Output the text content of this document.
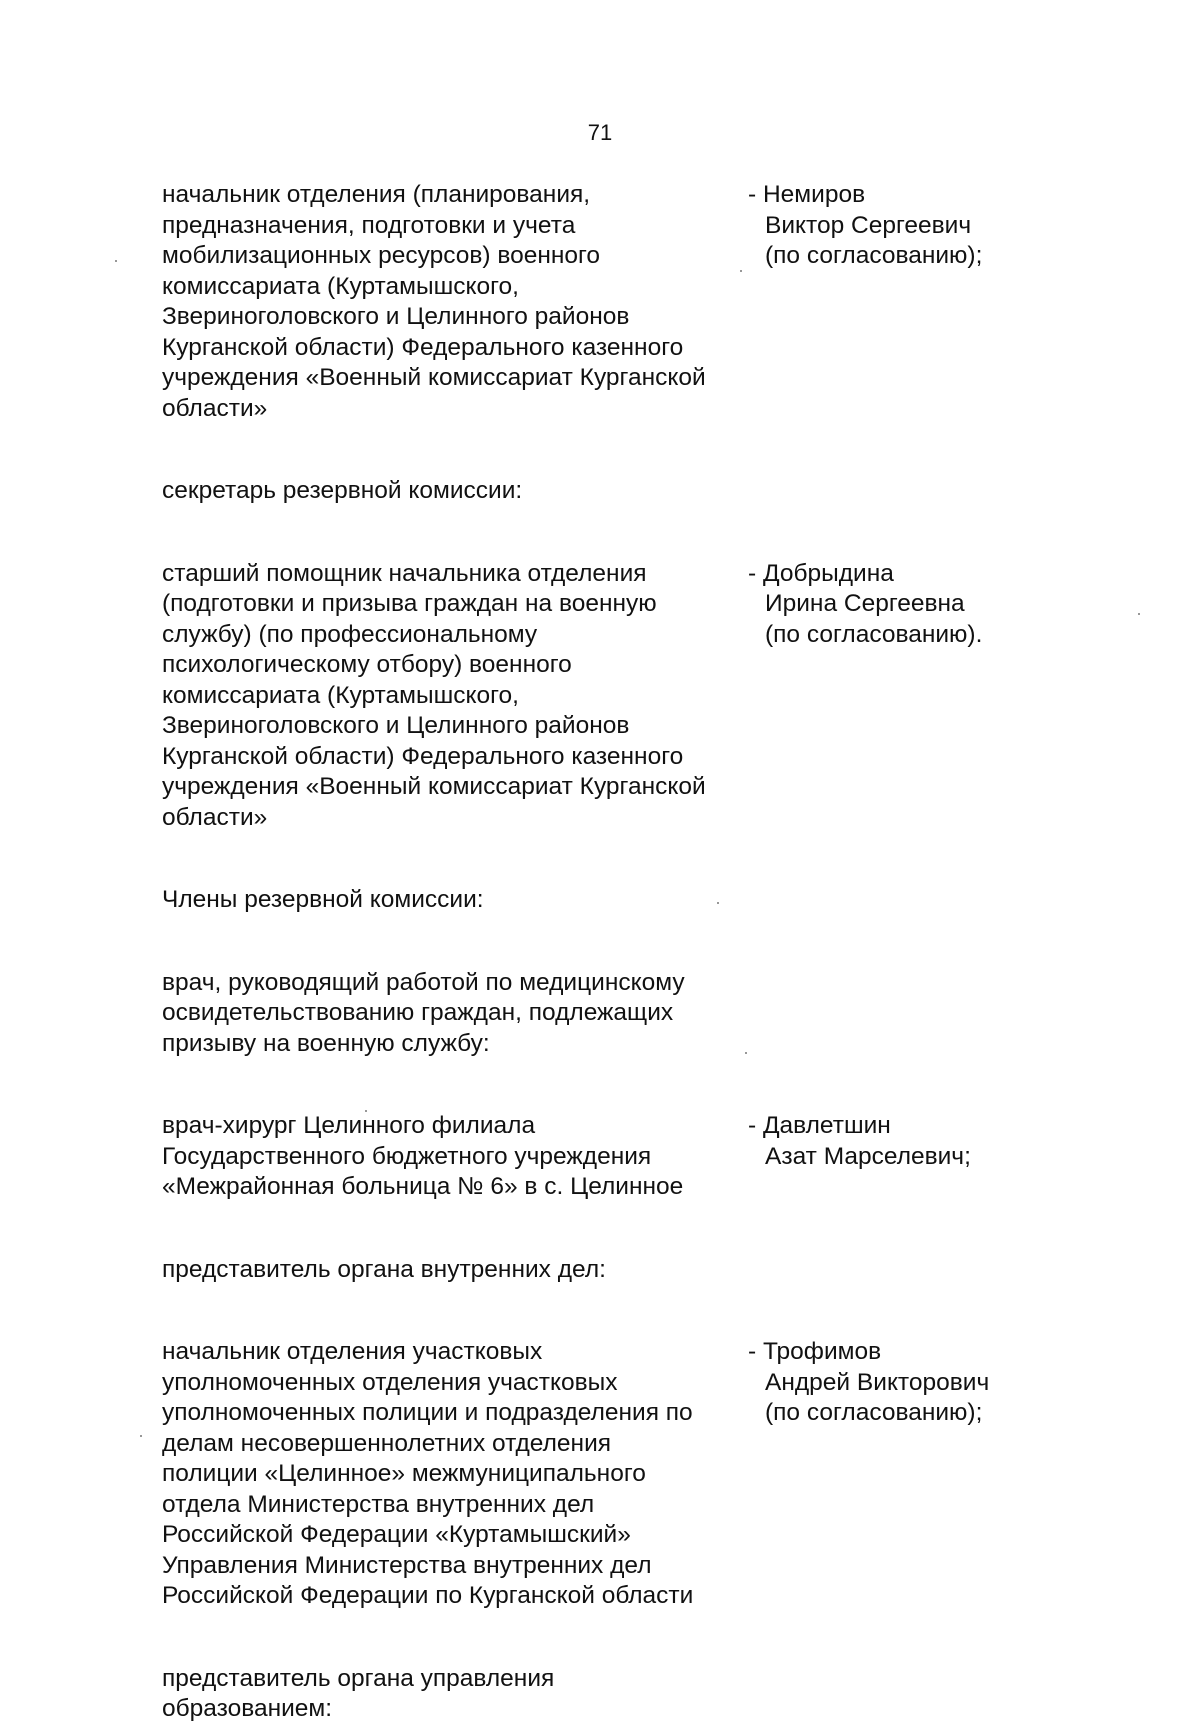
71
начальник отделения (планирования,
предназначения, подготовки и учета
мобилизационных ресурсов) военного
комиссариата (Куртамышского,
Звериноголовского и Целинного районов
Курганской области) Федерального казенного
учреждения «Военный комиссариат Курганской
области»
- Немиров
Виктор Сергеевич
(по согласованию);
секретарь резервной комиссии:
старший помощник начальника отделения
(подготовки и призыва граждан на военную
службу) (по профессиональному
психологическому отбору) военного
комиссариата (Куртамышского,
Звериноголовского и Целинного районов
Курганской области) Федерального казенного
учреждения «Военный комиссариат Курганской
области»
- Добрыдина
Ирина Сергеевна
(по согласованию).
Члены резервной комиссии:
врач, руководящий работой по медицинскому
освидетельствованию граждан, подлежащих
призыву на военную службу:
врач-хирург Целинного филиала
Государственного бюджетного учреждения
«Межрайонная больница № 6» в с. Целинное
- Давлетшин
Азат Марселевич;
представитель органа внутренних дел:
начальник отделения участковых
уполномоченных отделения участковых
уполномоченных полиции и подразделения по
делам несовершеннолетних отделения
полиции «Целинное» межмуниципального
отдела Министерства внутренних дел
Российской Федерации «Куртамышский»
Управления Министерства внутренних дел
Российской Федерации по Курганской области
- Трофимов
Андрей Викторович
(по согласованию);
представитель органа управления
образованием:
